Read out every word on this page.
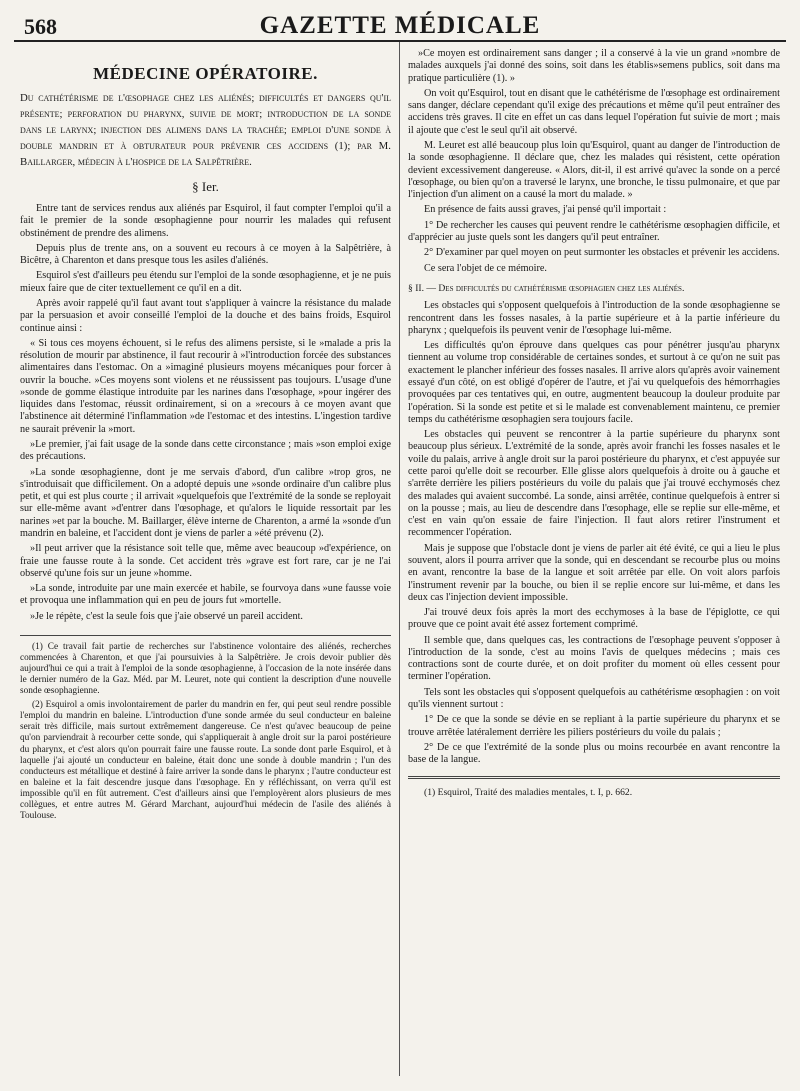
568	GAZETTE MÉDICALE
MÉDECINE OPÉRATOIRE.

Du cathétérisme de l'œsophage chez les aliénés; difficultés et dangers qu'il présente; perforation du pharynx, suivie de mort; introduction de la sonde dans le larynx; injection des alimens dans la trachée; emploi d'une sonde à double mandrin et à obturateur pour prévenir ces accidens (1); par M. Baillarger, médecin à l'hospice de la Salpêtrière.

§ Ier.

Entre tant de services rendus aux aliénés par Esquirol, il faut compter l'emploi qu'il a fait le premier de la sonde œsophagienne pour nourrir les malades qui refusent obstinément de prendre des alimens.

Depuis plus de trente ans, on a souvent eu recours à ce moyen à la Salpêtrière, à Bicêtre, à Charenton et dans presque tous les asiles d'aliénés.

Esquirol s'est d'ailleurs peu étendu sur l'emploi de la sonde œsophagienne, et je ne puis mieux faire que de citer textuellement ce qu'il en a dit.

Après avoir rappelé qu'il faut avant tout s'appliquer à vaincre la résistance du malade par la persuasion et avoir conseillé l'emploi de la douche et des bains froids, Esquirol continue ainsi :

« Si tous ces moyens échouent, si le refus des alimens persiste, si le »malade a pris la résolution de mourir par abstinence, il faut recourir à »l'introduction forcée des substances alimentaires dans l'estomac. On a »imaginé plusieurs moyens mécaniques pour forcer à ouvrir la bouche. »Ces moyens sont violens et ne réussissent pas toujours. L'usage d'une »sonde de gomme élastique introduite par les narines dans l'œsophage, »pour ingérer des liquides dans l'estomac, réussit ordinairement, si on a »recours à ce moyen avant que l'abstinence ait déterminé l'inflammation »de l'estomac et des intestins. L'ingestion tardive ne saurait prévenir la »mort.

»Le premier, j'ai fait usage de la sonde dans cette circonstance ; mais »son emploi exige des précautions.

»La sonde œsophagienne, dont je me servais d'abord, d'un calibre »trop gros, ne s'introduisait que difficilement. On a adopté depuis une »sonde ordinaire d'un calibre plus petit, et qui est plus courte ; il arrivait »quelquefois que l'extrémité de la sonde se reployait sur elle-même avant »d'entrer dans l'œsophage, et qu'alors le liquide ressortait par les narines »et par la bouche. M. Baillarger, élève interne de Charenton, a armé la »sonde d'un mandrin en baleine, et l'accident dont je viens de parler a »été prévenu (2).

»Il peut arriver que la résistance soit telle que, même avec beaucoup »d'expérience, on fraie une fausse route à la sonde. Cet accident très »grave est fort rare, car je ne l'ai observé qu'une fois sur un jeune »homme.

»La sonde, introduite par une main exercée et habile, se fourvoya dans »une fausse voie et provoqua une inflammation qui en peu de jours fut »mortelle.

»Je le répète, c'est la seule fois que j'aie observé un pareil accident.

(1) Ce travail fait partie de recherches sur l'abstinence volontaire des aliénés, recherches commencées à Charenton, et que j'ai poursuivies à la Salpêtrière. Je crois devoir publier dès aujourd'hui ce qui a trait à l'emploi de la sonde œsophagienne, à l'occasion de la note insérée dans le dernier numéro de la Gaz. Méd. par M. Leuret, note qui contient la description d'une nouvelle sonde œsophagienne.

(2) Esquirol a omis involontairement de parler du mandrin en fer, qui peut seul rendre possible l'emploi du mandrin en baleine. L'introduction d'une sonde armée du seul conducteur en baleine serait très difficile, mais surtout extrêmement dangereuse. Ce n'est qu'avec beaucoup de peine qu'on parviendrait à recourber cette sonde, qui s'appliquerait à angle droit sur la paroi postérieure du pharynx, et c'est alors qu'on pourrait faire une fausse route. La sonde dont parle Esquirol, et à laquelle j'ai ajouté un conducteur en baleine, était donc une sonde à double mandrin ; l'un des conducteurs est métallique et destiné à faire arriver la sonde dans le pharynx ; l'autre conducteur est en baleine et la fait descendre jusque dans l'œsophage. En y réfléchissant, on verra qu'il est impossible qu'il en fût autrement. C'est d'ailleurs ainsi que l'employèrent alors plusieurs de mes collègues, et entre autres M. Gérard Marchant, aujourd'hui médecin de l'asile des aliénés à Toulouse.

»Ce moyen est ordinairement sans danger ; il a conservé à la vie un grand »nombre de malades auxquels j'ai donné des soins, soit dans les établis»semens publics, soit dans ma pratique particulière (1). »

On voit qu'Esquirol, tout en disant que le cathétérisme de l'œsophage est ordinairement sans danger, déclare cependant qu'il exige des précautions et même qu'il peut entraîner des accidens très graves. Il cite en effet un cas dans lequel l'opération fut suivie de mort ; mais il ajoute que c'est le seul qu'il ait observé.

M. Leuret est allé beaucoup plus loin qu'Esquirol, quant au danger de l'introduction de la sonde œsophagienne. Il déclare que, chez les malades qui résistent, cette opération devient excessivement dangereuse. « Alors, dit-il, il est arrivé qu'avec la sonde on a percé l'œsophage, ou bien qu'on a traversé le larynx, une bronche, le tissu pulmonaire, et que par l'injection d'un aliment on a causé la mort du malade. »

En présence de faits aussi graves, j'ai pensé qu'il importait :

1° De rechercher les causes qui peuvent rendre le cathétérisme œsophagien difficile, et d'apprécier au juste quels sont les dangers qu'il peut entraîner.

2° D'examiner par quel moyen on peut surmonter les obstacles et prévenir les accidens.

Ce sera l'objet de ce mémoire.

§ II. — Des difficultés du cathétérisme œsophagien chez les aliénés.

Les obstacles qui s'opposent quelquefois à l'introduction de la sonde œsophagienne se rencontrent dans les fosses nasales, à la partie supérieure et à la partie inférieure du pharynx ; quelquefois ils peuvent venir de l'œsophage lui-même.

Les difficultés qu'on éprouve dans quelques cas pour pénétrer jusqu'au pharynx tiennent au volume trop considérable de certaines sondes, et surtout à ce qu'on ne suit pas exactement le plancher inférieur des fosses nasales. Il arrive alors qu'après avoir vainement essayé d'un côté, on est obligé d'opérer de l'autre, et j'ai vu quelquefois des hémorrhagies provoquées par ces tentatives qui, en outre, augmentent beaucoup la douleur produite par l'opération. Si la sonde est petite et si le malade est convenablement maintenu, ce premier temps du cathétérisme œsophagien sera toujours facile.

Les obstacles qui peuvent se rencontrer à la partie supérieure du pharynx sont beaucoup plus sérieux. L'extrémité de la sonde, après avoir franchi les fosses nasales et le voile du palais, arrive à angle droit sur la paroi postérieure du pharynx, et c'est appuyée sur cette paroi qu'elle doit se recourber. Elle glisse alors quelquefois à droite ou à gauche et s'arrête derrière les piliers postérieurs du voile du palais que j'ai trouvé ecchymosés chez des malades qui avaient succombé. La sonde, ainsi arrêtée, continue quelquefois à entrer si on la pousse ; mais, au lieu de descendre dans l'œsophage, elle se replie sur elle-même, et c'est en vain qu'on essaie de faire l'injection. Il faut alors retirer l'instrument et recommencer l'opération.

Mais je suppose que l'obstacle dont je viens de parler ait été évité, ce qui a lieu le plus souvent, alors il pourra arriver que la sonde, qui en descendant se recourbe plus ou moins en avant, rencontre la base de la langue et soit arrêtée par elle. On voit alors parfois l'instrument revenir par la bouche, ou bien il se replie encore sur lui-même, et dans les deux cas l'injection devient impossible.

J'ai trouvé deux fois après la mort des ecchymoses à la base de l'épiglotte, ce qui prouve que ce point avait été assez fortement comprimé.

Il semble que, dans quelques cas, les contractions de l'œsophage peuvent s'opposer à l'introduction de la sonde, c'est au moins l'avis de quelques médecins ; mais ces contractions sont de courte durée, et on doit profiter du moment où elles cessent pour terminer l'opération.

Tels sont les obstacles qui s'opposent quelquefois au cathétérisme œsophagien : on voit qu'ils viennent surtout :

1° De ce que la sonde se dévie en se repliant à la partie supérieure du pharynx et se trouve arrêtée latéralement derrière les piliers postérieurs du voile du palais ;

2° De ce que l'extrémité de la sonde plus ou moins recourbée en avant rencontre la base de la langue.

(1) Esquirol, Traité des maladies mentales, t. I, p. 662.
